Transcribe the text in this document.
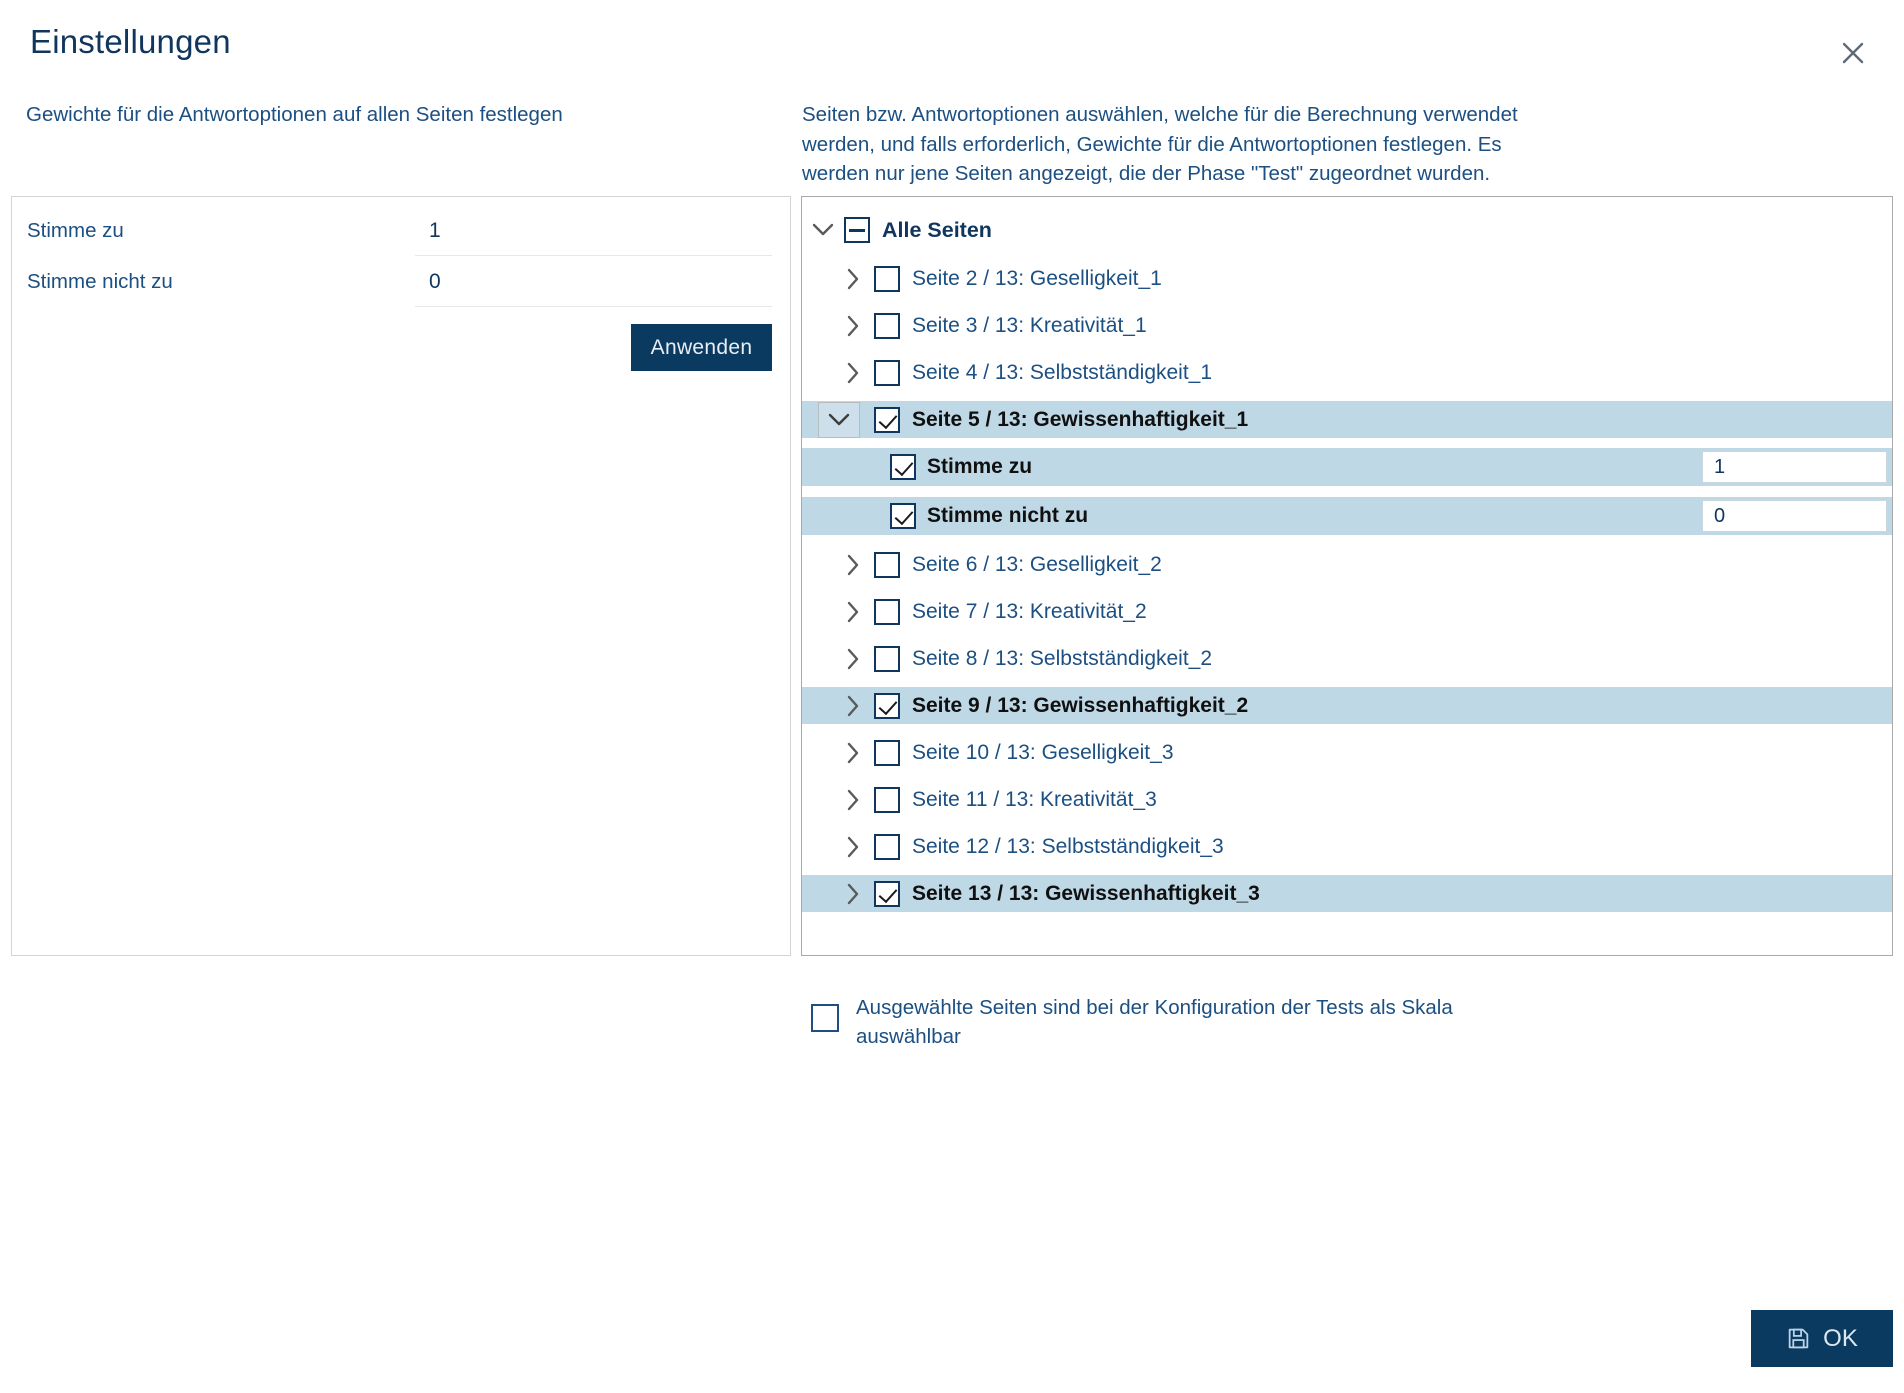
Einstellungen
Gewichte für die Antwortoptionen auf allen Seiten festlegen	Seiten bzw. Antwortoptionen auswählen, welche für die Berechnung verwendet werden, und falls erforderlich, Gewichte für die Antwortoptionen festlegen. Es werden nur jene Seiten angezeigt, die der Phase "Test" zugeordnet wurden.
Stimme zu
1
Stimme nicht zu
0
Anwenden
Alle Seiten
Seite 2 / 13: Geselligkeit_1
Seite 3 / 13: Kreativität_1
Seite 4 / 13: Selbstständigkeit_1
Seite 5 / 13: Gewissenhaftigkeit_1
Stimme zu
1
Stimme nicht zu
0
Seite 6 / 13: Geselligkeit_2
Seite 7 / 13: Kreativität_2
Seite 8 / 13: Selbstständigkeit_2
Seite 9 / 13: Gewissenhaftigkeit_2
Seite 10 / 13: Geselligkeit_3
Seite 11 / 13: Kreativität_3
Seite 12 / 13: Selbstständigkeit_3
Seite 13 / 13: Gewissenhaftigkeit_3
Ausgewählte Seiten sind bei der Konfiguration der Tests als Skala auswählbar
OK
